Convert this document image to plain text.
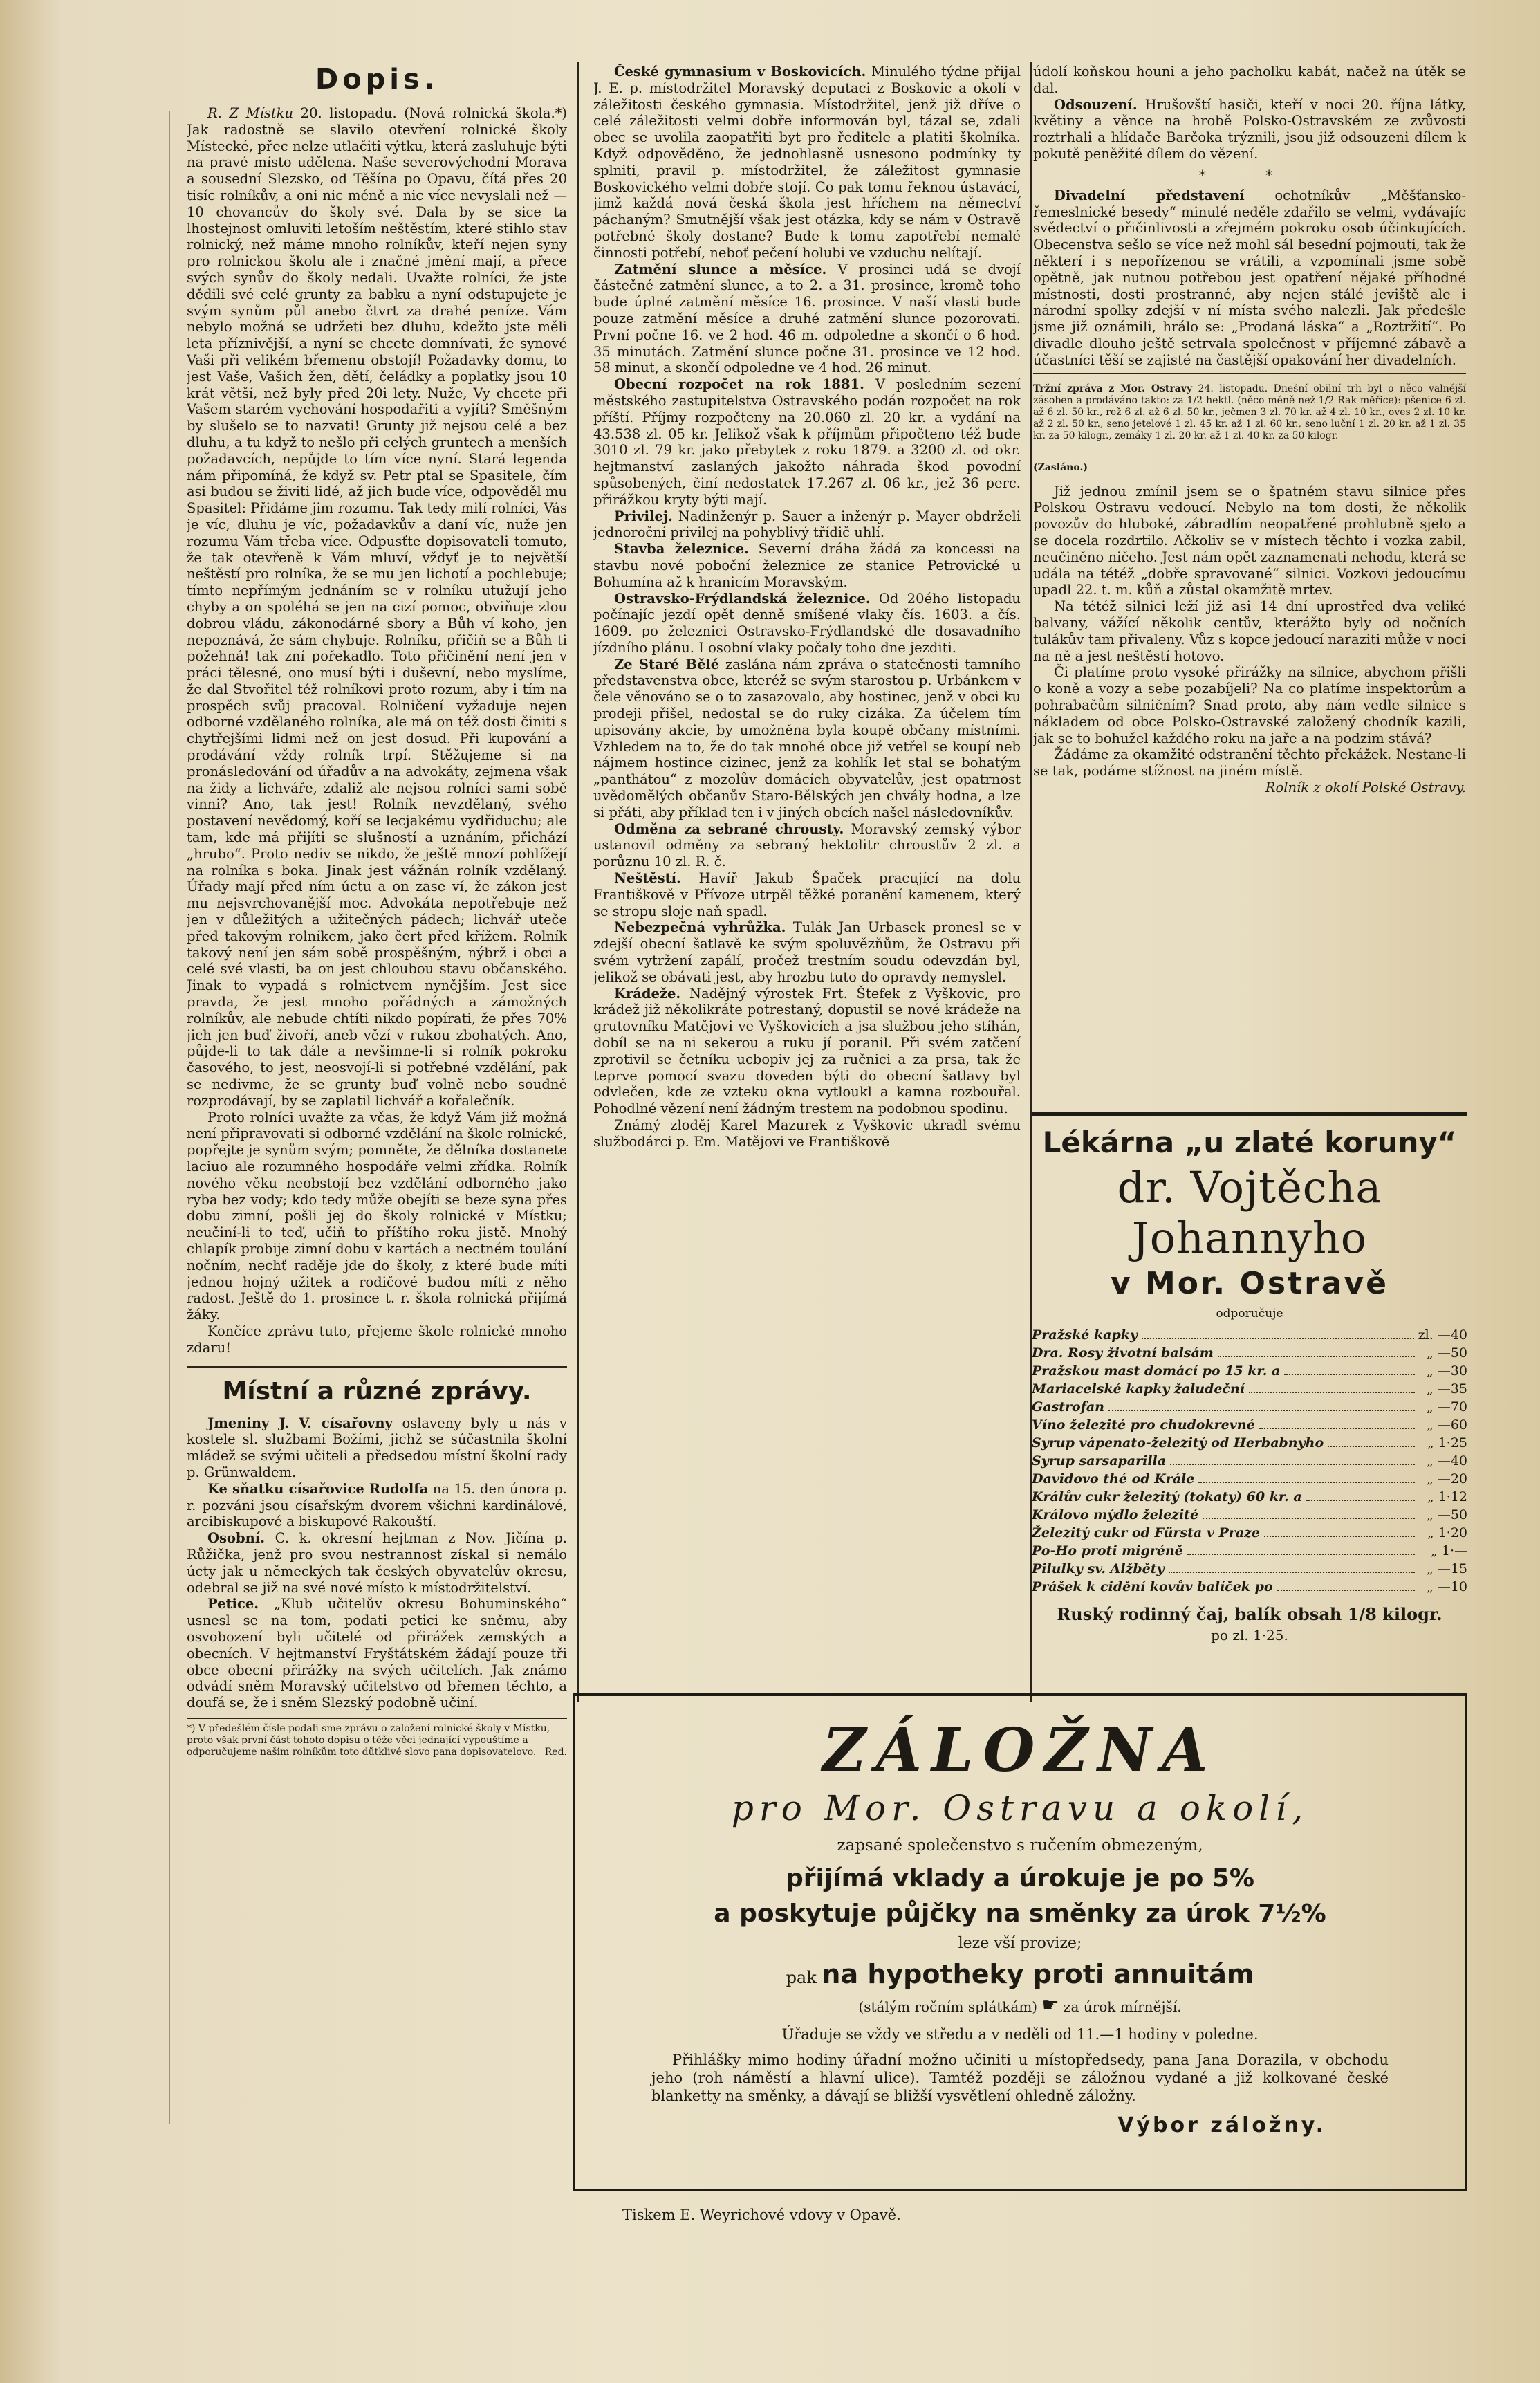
Dopis.

R. Z Místku 20. listopadu. (Nová rolnická škola.*) Jak radostně se slavilo otevření rolnické školy Místecké, přec nelze utlačiti výtku, která zasluhuje býti na pravé místo udělena. Naše severovýchodní Morava a sousední Slezsko, od Těšína po Opavu, čítá přes 20 tisíc rolníkův, a oni nic méně a nic více nevyslali než — 10 chovancův do školy své. Dala by se sice ta lhostejnost omluviti letoším neštěstím, které stihlo stav rolnický, než máme mnoho rolníkův, kteří nejen syny pro rolnickou školu ale i značné jmění mají, a přece svých synův do školy nedali. Uvažte rolníci, že jste dědili své celé grunty za babku a nyní odstupujete je svým synům půl anebo čtvrt za drahé peníze. Vám nebylo možná se udržeti bez dluhu, kdežto jste měli leta příznivější, a nyní se chcete domnívati, že synové Vaši při velikém břemenu obstojí! Požadavky domu, to jest Vaše, Vašich žen, dětí, čeládky a poplatky jsou 10 krát větší, než byly před 20i lety. Nuže, Vy chcete při Vašem starém vychování hospodařiti a vyjíti? Směšným by slušelo se to nazvati! Grunty již nejsou celé a bez dluhu, a tu když to nešlo při celých gruntech a menších požadavcích, nepůjde to tím více nyní. Stará legenda nám připomíná, že když sv. Petr ptal se Spasitele, čím asi budou se živiti lidé, až jich bude více, odpověděl mu Spasitel: Přidáme jim rozumu. Tak tedy milí rolníci, Vás je víc, dluhu je víc, požadavkův a daní víc, nuže jen rozumu Vám třeba více. Odpusťte dopisovateli tomuto, že tak otevřeně k Vám mluví, vždyť je to největší neštěstí pro rolníka, že se mu jen lichotí a pochlebuje; tímto nepřímým jednáním se v rolníku utužují jeho chyby a on spoléhá se jen na cizí pomoc, obviňuje zlou dobrou vládu, zákonodárné sbory a Bůh ví koho, jen nepoznává, že sám chybuje. Rolníku, přičiň se a Bůh ti požehná! tak zní pořekadlo. Toto přičinění není jen v práci tělesné, ono musí býti i duševní, nebo myslíme, že dal Stvořitel též rolníkovi proto rozum, aby i tím na prospěch svůj pracoval. Rolničení vyžaduje nejen odborné vzdělaného rolníka, ale má on též dosti činiti s chytřejšími lidmi než on jest dosud. Při kupování a prodávání vždy rolník trpí. Stěžujeme si na pronásledování od úřadův a na advokáty, zejmena však na židy a lichváře, zdaliž ale nejsou rolníci sami sobě vinni? Ano, tak jest! Rolník nevzdělaný, svého postavení nevědomý, koří se lecjakému vydřiduchu; ale tam, kde má přijíti se slušností a uznáním, přichází „hrubo“. Proto nediv se nikdo, že ještě mnozí pohlížejí na rolníka s boka. Jinak jest vážnán rolník vzdělaný. Úřady mají před ním úctu a on zase ví, že zákon jest mu nejsvrchovanější moc. Advokáta nepotřebuje než jen v důležitých a užitečných pádech; lichvář uteče před takovým rolníkem, jako čert před křížem. Rolník takový není jen sám sobě prospěšným, nýbrž i obci a celé své vlasti, ba on jest chloubou stavu občanského. Jinak to vypadá s rolnictvem nynějším. Jest sice pravda, že jest mnoho pořádných a zámožných rolníkův, ale nebude chtíti nikdo popírati, že přes 70% jich jen buď živoří, aneb vězí v rukou zbohatých. Ano, půjde-li to tak dále a nevšimne-li si rolník pokroku časového, to jest, neosvojí-li si potřebné vzdělání, pak se nedivme, že se grunty buď volně nebo soudně rozprodávají, by se zaplatil lichvář a kořalečník.

Proto rolníci uvažte za včas, že když Vám již možná není připravovati si odborné vzdělání na škole rolnické, popřejte je synům svým; pomněte, že dělníka dostanete laciuo ale rozumného hospodáře velmi zřídka. Rolník nového věku neobstojí bez vzdělání odborného jako ryba bez vody; kdo tedy může obejíti se beze syna přes dobu zimní, pošli jej do školy rolnické v Místku; neučiní-li to teď, učiň to příštího roku jistě. Mnohý chlapík probije zimní dobu v kartách a nectném toulání nočním, nechť raděje jde do školy, z které bude míti jednou hojný užitek a rodičové budou míti z něho radost. Ještě do 1. prosince t. r. škola rolnická přijímá žáky.

Končíce zprávu tuto, přejeme škole rolnické mnoho zdaru!

Místní a různé zprávy.

Jmeniny J. V. císařovny oslaveny byly u nás v kostele sl. službami Božími, jichž se súčastnila školní mládež se svými učiteli a předsedou místní školní rady p. Grünwaldem.

Ke sňatku císařovice Rudolfa na 15. den února p. r. pozváni jsou císařským dvorem všichni kardinálové, arcibiskupové a biskupové Rakouští.

Osobní. C. k. okresní hejtman z Nov. Jičína p. Růžička, jenž pro svou nestrannost získal si nemálo úcty jak u německých tak českých obyvatelův okresu, odebral se již na své nové místo k místodržitelství.

Petice. „Klub učitelův okresu Bohuminského“ usnesl se na tom, podati petici ke sněmu, aby osvobození byli učitelé od přirážek zemských a obecních. V hejtmanství Fryštátském žádají pouze tři obce obecní přirážky na svých učitelích. Jak známo odvádí sněm Moravský učitelstvo od břemen těchto, a doufá se, že i sněm Slezský podobně učiní.

*) V předešlém čísle podali sme zprávu o založení rolnické školy v Místku, proto však první část tohoto dopisu o téže věci jednající vypouštíme a odporučujeme našim rolníkům toto důtklivé slovo pana dopisovatelovo. Red.

České gymnasium v Boskovicích. Minulého týdne přijal J. E. p. místodržitel Moravský deputaci z Boskovic a okolí v záležitosti českého gymnasia. Místodržitel, jenž již dříve o celé záležitosti velmi dobře informován byl, tázal se, zdali obec se uvolila zaopatřiti byt pro ředitele a platiti školníka. Když odpověděno, že jednohlasně usnesono podmínky ty splniti, pravil p. místodržitel, že záležitost gymnasie Boskovického velmi dobře stojí. Co pak tomu řeknou ústavácí, jimž každá nová česká škola jest hříchem na němectví páchaným? Smutnější však jest otázka, kdy se nám v Ostravě potřebné školy dostane? Bude k tomu zapotřebí nemalé činnosti potřebí, neboť pečení holubi ve vzduchu nelítají.

Zatmění slunce a měsíce. V prosinci udá se dvojí částečné zatmění slunce, a to 2. a 31. prosince, kromě toho bude úplné zatmění měsíce 16. prosince. V naší vlasti bude pouze zatmění měsíce a druhé zatmění slunce pozorovati. První počne 16. ve 2 hod. 46 m. odpoledne a skončí o 6 hod. 35 minutách. Zatmění slunce počne 31. prosince ve 12 hod. 58 minut, a skončí odpoledne ve 4 hod. 26 minut.

Obecní rozpočet na rok 1881. V posledním sezení městského zastupitelstva Ostravského podán rozpočet na rok příští. Příjmy rozpočteny na 20.060 zl. 20 kr. a vydání na 43.538 zl. 05 kr. Jelikož však k příjmům připočteno též bude 3010 zl. 79 kr. jako přebytek z roku 1879. a 3200 zl. od okr. hejtmanství zaslaných jakožto náhrada škod povodní spůsobených, činí nedostatek 17.267 zl. 06 kr., jež 36 perc. přirážkou kryty býti mají.

Privilej. Nadinženýr p. Sauer a inženýr p. Mayer obdrželi jednoroční privilej na pohyblivý třídič uhlí.

Stavba železnice. Severní dráha žádá za koncessi na stavbu nové poboční železnice ze stanice Petrovické u Bohumína až k hranicím Moravským.

Ostravsko-Frýdlandská železnice. Od 20ého listopadu počínajíc jezdí opět denně smíšené vlaky čís. 1603. a čís. 1609. po železnici Ostravsko-Frýdlandské dle dosavadního jízdního plánu. I osobní vlaky počaly toho dne jezditi.

Ze Staré Bělé zaslána nám zpráva o statečnosti tamního představenstva obce, kteréž se svým starostou p. Urbánkem v čele věnováno se o to zasazovalo, aby hostinec, jenž v obci ku prodeji přišel, nedostal se do ruky cizáka. Za účelem tím upisovány akcie, by umožněna byla koupě občany místními. Vzhledem na to, že do tak mnohé obce již vetřel se koupí neb nájmem hostince cizinec, jenž za kohlík let stal se bohatým „panthátou“ z mozolův domácích obyvatelův, jest opatrnost uvědomělých občanův Staro-Bělských jen chvály hodna, a lze si přáti, aby příklad ten i v jiných obcích našel následovníkův.

Odměna za sebrané chrousty. Moravský zemský výbor ustanovil odměny za sebraný hektolitr chroustův 2 zl. a porůznu 10 zl. R. č.

Neštěstí. Havíř Jakub Špaček pracující na dolu Františkově v Přívoze utrpěl těžké poranění kamenem, který se stropu sloje naň spadl.

Nebezpečná vyhrůžka. Tulák Jan Urbasek pronesl se v zdejší obecní šatlavě ke svým spoluvězňům, že Ostravu při svém vytržení zapálí, pročež trestním soudu odevzdán byl, jelikož se obávati jest, aby hrozbu tuto do opravdy nemyslel.

Krádeže. Nadějný výrostek Frt. Štefek z Vyškovic, pro krádež již několikráte potrestaný, dopustil se nové krádeže na grutovníku Matějovi ve Vyškovicích a jsa službou jeho stíhán, dobíl se na ni sekerou a ruku jí poranil. Při svém zatčení zprotivil se četníku ucbopiv jej za ručnici a za prsa, tak že teprve pomocí svazu doveden býti do obecní šatlavy byl odvlečen, kde ze vzteku okna vytloukl a kamna rozbouřal. Pohodlné vězení není žádným trestem na podobnou spodinu.

Známý zloděj Karel Mazurek z Vyškovic ukradl svému službodárci p. Em. Matějovi ve Františkově

údolí koňskou houni a jeho pacholku kabát, načež na útěk se dal.

Odsouzení. Hrušovští hasiči, kteří v noci 20. října látky, květiny a věnce na hrobě Polsko-Ostravském ze zvůvosti roztrhali a hlídače Barčoka trýznili, jsou již odsouzeni dílem k pokutě peněžité dílem do vězení.

* *

Divadelní představení ochotníkův „Měšťansko-řemeslnické besedy“ minulé neděle zdařilo se velmi, vydávajíc svědectví o přičinlivosti a zřejmém pokroku osob účinkujících. Obecenstva sešlo se více než mohl sál besední pojmouti, tak že některí i s nepořízenou se vrátili, a vzpomínali jsme sobě opětně, jak nutnou potřebou jest opatření nějaké příhodné místnosti, dosti prostranné, aby nejen stálé jeviště ale i národní spolky zdejší v ní místa svého nalezli. Jak předešle jsme již oznámili, hrálo se: „Prodaná láska“ a „Roztržití“. Po divadle dlouho ještě setrvala společnost v příjemné zábavě a účastníci těší se zajisté na častější opakování her divadelních.

Tržní zpráva z Mor. Ostravy 24. listopadu. Dnešní obilní trh byl o něco valnější zásoben a prodáváno takto: za 1/2 hektl. (něco méně než 1/2 Rak měřice): pšenice 6 zl. až 6 zl. 50 kr., rež 6 zl. až 6 zl. 50 kr., ječmen 3 zl. 70 kr. až 4 zl. 10 kr., oves 2 zl. 10 kr. až 2 zl. 50 kr., seno jetelové 1 zl. 45 kr. až 1 zl. 60 kr., seno luční 1 zl. 20 kr. až 1 zl. 35 kr. za 50 kilogr., zemáky 1 zl. 20 kr. až 1 zl. 40 kr. za 50 kilogr.

(Zasláno.)

Již jednou zmínil jsem se o špatném stavu silnice přes Polskou Ostravu vedoucí. Nebylo na tom dosti, že několik povozův do hluboké, zábradlím neopatřené prohlubně sjelo a se docela rozdrtilo. Ačkoliv se v místech těchto i vozka zabil, neučiněno ničeho. Jest nám opět zaznamenati nehodu, která se udála na tétéž „dobře spravované“ silnici. Vozkovi jedoucímu upadl 22. t. m. kůň a zůstal okamžitě mrtev.

Na tétéž silnici leží již asi 14 dní uprostřed dva veliké balvany, vážící několik centův, kterážto byly od nočních tulákův tam přivaleny. Vůz s kopce jedoucí naraziti může v noci na ně a jest neštěstí hotovo.

Či platíme proto vysoké přirážky na silnice, abychom přišli o koně a vozy a sebe pozabíjeli? Na co platíme inspektorům a pohrabačům silničním? Snad proto, aby nám vedle silnice s nákladem od obce Polsko-Ostravské založený chodník kazili, jak se to bohužel každého roku na jaře a na podzim stává?

Žádáme za okamžité odstranění těchto překážek. Nestane-li se tak, podáme stížnost na jiném místě.

Rolník z okolí Polské Ostravy.

Lékárna „u zlaté koruny“
dr. Vojtěcha Johannyho
v Mor. Ostravě
odporučuje
Pražské kapky	zl. —40
Dra. Rosy životní balsám	„ —50
Pražskou mast domácí po 15 kr. a	„ —30
Mariacelské kapky žaludeční	„ —35
Gastrofan	„ —70
Víno železité pro chudokrevné	„ —60
Syrup vápenato-železitý od Herbabnyho	„ 1·25
Syrup sarsaparilla	„ —40
Davidovo thé od Krále	„ —20
Králův cukr železitý (tokaty) 60 kr. a	„ 1·12
Královo mýdlo železité	„ —50
Železitý cukr od Fürsta v Praze	„ 1·20
Po-Ho proti migréně	„ 1·—
Pilulky sv. Alžběty	„ —15
Prášek k cidění kovův balíček po	„ —10
Ruský rodinný čaj, balík obsah 1/8 kilogr.
po zl. 1·25.
ZÁLOŽNA
pro Mor. Ostravu a okolí,
zapsané společenstvo s ručením obmezeným,
přijímá vklady a úrokuje je po 5%
a poskytuje půjčky na směnky za úrok 7½%
leze vší provize;
pak na hypotheky proti annuitám
(stálým ročním splátkám) ☛ za úrok mírnější.
Úřaduje se vždy ve středu a v neděli od 11.—1 hodiny v poledne.
Přihlášky mimo hodiny úřadní možno učiniti u místopředsedy, pana Jana Dorazila, v obchodu jeho (roh náměstí a hlavní ulice). Tamtéž později se záložnou vydané a již kolkované české blanketty na směnky, a dávají se bližší vysvětlení ohledně záložny.
Výbor záložny.
Tiskem E. Weyrichové vdovy v Opavě.
